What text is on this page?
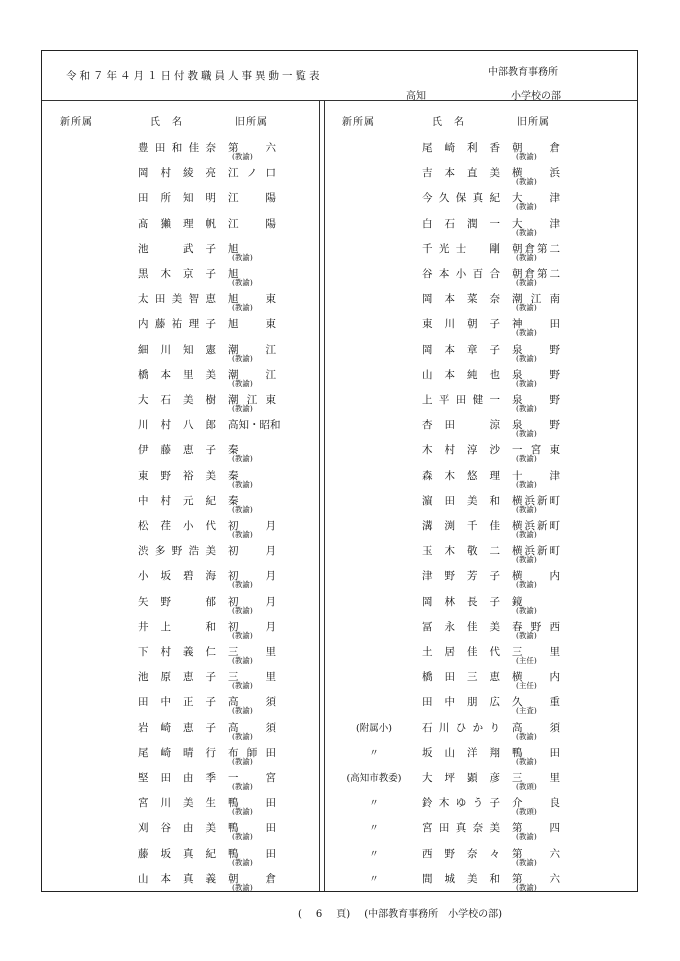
令和７年４月１日付教職員人事異動一覧表	中部教育事務所
高知	小学校の部
新所属	氏　名	旧所属	新所属	氏　名	旧所属
豊田和佳奈 第六
(教諭)
岡村綾亮 江ノ口
田所知明 江陽
髙獺理帆 江陽
池　武子 旭
(教諭)
黒木京子 旭
(教諭)
太田美智恵 旭東
(教諭)
内藤祐理子 旭東
細川知憲 潮江
(教諭)
橋本里美 潮江
(教諭)
大石美樹 潮江東
(教諭)
川村八郎 高知・昭和
伊藤恵子 秦
(教諭)
東野裕美 秦
(教諭)
中村元紀 秦
(教諭)
松荏小代 初月
(教諭)
渋多野浩美 初月
小坂碧海 初月
(教諭)
矢野　郁 初月
(教諭)
井上　和 初月
(教諭)
下村義仁 三里
(教諭)
池原恵子 三里
(教諭)
田中正子 高須
(教諭)
岩崎恵子 高須
(教諭)
尾崎晴行 布師田
(教諭)
堅田由季 一宮
(教諭)
宮川美生 鴨田
(教諭)
刈谷由美 鴨田
(教諭)
藤坂真紀 鴨田
(教諭)
山本真義 朝倉
(教諭)
尾崎利香 朝倉
(教諭)
吉本直美 横浜
(教諭)
今久保真紀 大津
(教諭)
白石潤一 大津
(教諭)
千光士　剛 朝倉第二
(教諭)
谷本小百合 朝倉第二
(教諭)
岡本菜奈 潮江南
(教諭)
東川朝子 神田
(教諭)
岡本章子 泉野
(教諭)
山本純也 泉野
(教諭)
上平田健一 泉野
(教諭)
杏田　涼 泉野
(教諭)
木村淳沙 一宮東
(教諭)
森木悠理 十津
(教諭)
濵田美和 横浜新町
(教諭)
溝渕千佳 横浜新町
(教諭)
玉木敬二 横浜新町
(教諭)
津野芳子 横内
(教諭)
岡林長子 鏡
(教諭)
冨永佳美 春野西
(教諭)
土居佳代 三里
(主任)
橋田三恵 横内
(主任)
田中朋広 久重
(主査)
(附属小)	石川ひかり 高須
(教諭)
〃	坂山洋翔 鴨田
(教諭)
(高知市教委)	大坪顕彦 三里
(教頭)
〃	鈴木ゆう子 介良
(教頭)
〃	宮田真奈美 第四
(教諭)
〃	西野奈々 第六
(教諭)
〃	間城美和 第六
(教諭)
( 6 頁) (中部教育事務所　小学校の部)
